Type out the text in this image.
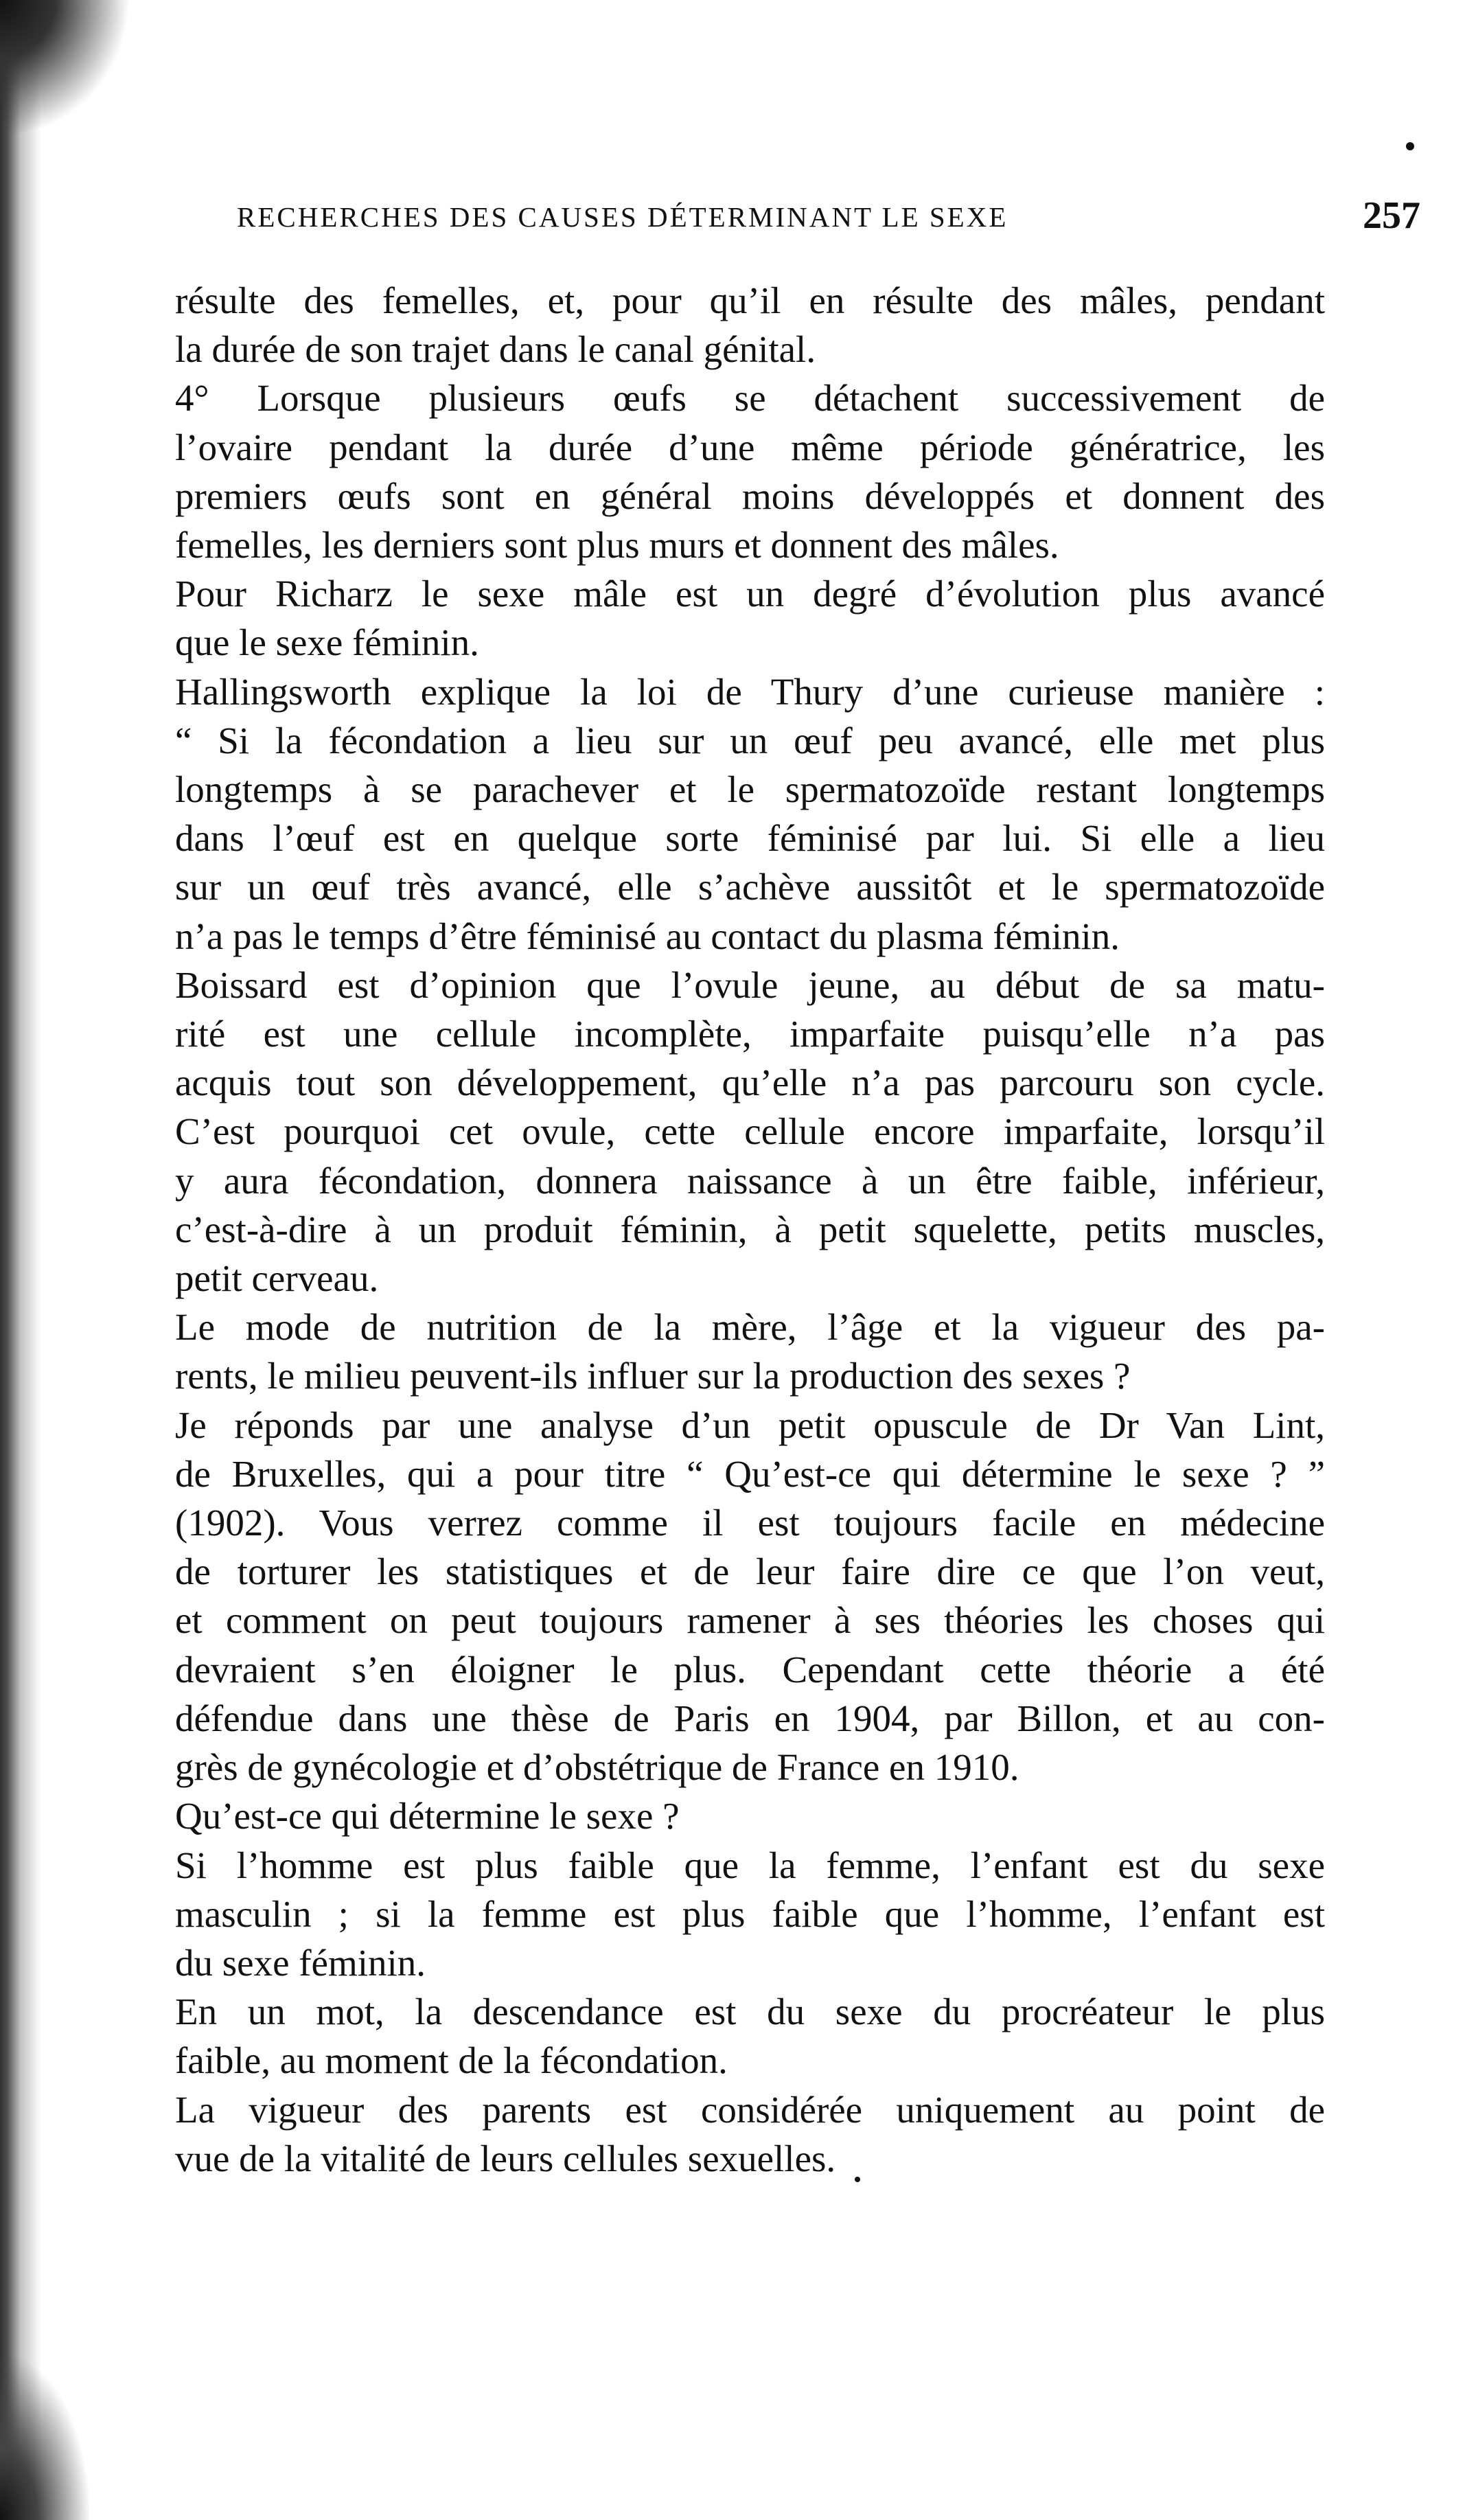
RECHERCHES DES CAUSES DÉTERMINANT LE SEXE	257
résulte des femelles, et, pour qu’il en résulte des mâles, pendant
la durée de son trajet dans le canal génital.
4° Lorsque plusieurs œufs se détachent successivement de
l’ovaire pendant la durée d’une même période génératrice, les
premiers œufs sont en général moins développés et donnent des
femelles, les derniers sont plus murs et donnent des mâles.
Pour Richarz le sexe mâle est un degré d’évolution plus avancé
que le sexe féminin.
Hallingsworth explique la loi de Thury d’une curieuse manière :
“ Si la fécondation a lieu sur un œuf peu avancé, elle met plus
longtemps à se parachever et le spermatozoïde restant longtemps
dans l’œuf est en quelque sorte féminisé par lui. Si elle a lieu
sur un œuf très avancé, elle s’achève aussitôt et le spermatozoïde
n’a pas le temps d’être féminisé au contact du plasma féminin.
Boissard est d’opinion que l’ovule jeune, au début de sa matu-
rité est une cellule incomplète, imparfaite puisqu’elle n’a pas
acquis tout son développement, qu’elle n’a pas parcouru son cycle.
C’est pourquoi cet ovule, cette cellule encore imparfaite, lorsqu’il
y aura fécondation, donnera naissance à un être faible, inférieur,
c’est-à-dire à un produit féminin, à petit squelette, petits muscles,
petit cerveau.
Le mode de nutrition de la mère, l’âge et la vigueur des pa-
rents, le milieu peuvent-ils influer sur la production des sexes ?
Je réponds par une analyse d’un petit opuscule de Dr Van Lint,
de Bruxelles, qui a pour titre “ Qu’est-ce qui détermine le sexe ? ”
(1902). Vous verrez comme il est toujours facile en médecine
de torturer les statistiques et de leur faire dire ce que l’on veut,
et comment on peut toujours ramener à ses théories les choses qui
devraient s’en éloigner le plus. Cependant cette théorie a été
défendue dans une thèse de Paris en 1904, par Billon, et au con-
grès de gynécologie et d’obstétrique de France en 1910.
Qu’est-ce qui détermine le sexe ?
Si l’homme est plus faible que la femme, l’enfant est du sexe
masculin ; si la femme est plus faible que l’homme, l’enfant est
du sexe féminin.
En un mot, la descendance est du sexe du procréateur le plus
faible, au moment de la fécondation.
La vigueur des parents est considérée uniquement au point de
vue de la vitalité de leurs cellules sexuelles.
